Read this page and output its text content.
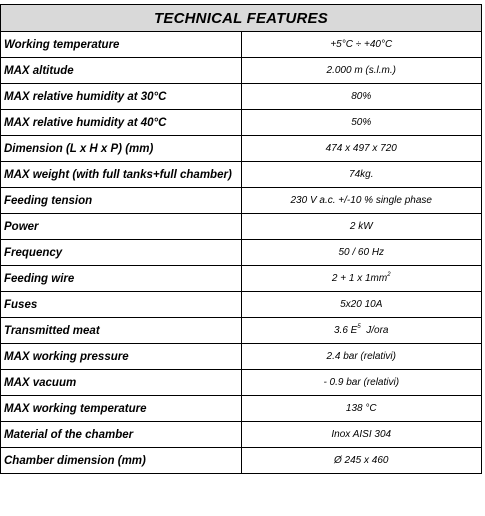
TECHNICAL FEATURES	
Working temperature	+5°C ÷ +40°C
MAX altitude	2.000 m (s.l.m.)
MAX relative humidity at 30°C	80%
MAX relative humidity at 40°C	50%
Dimension (L x H x P) (mm)	474 x 497 x 720
MAX weight (with full tanks+full chamber)	74kg.
Feeding tension	230 V a.c. +/-10 % single phase
Power	2 kW
Frequency	50 / 60 Hz
Feeding wire	2 + 1 x $1mm^2$
Fuses	5x20 10A
Transmitted meat	3.6 $E^5$  J/ora
MAX working pressure	2.4 bar (relativi)
MAX vacuum	- 0.9 bar (relativi)
MAX working temperature	138 °C
Material of the chamber	Inox AISI 304
Chamber dimension (mm)	Ø 245 x 460
